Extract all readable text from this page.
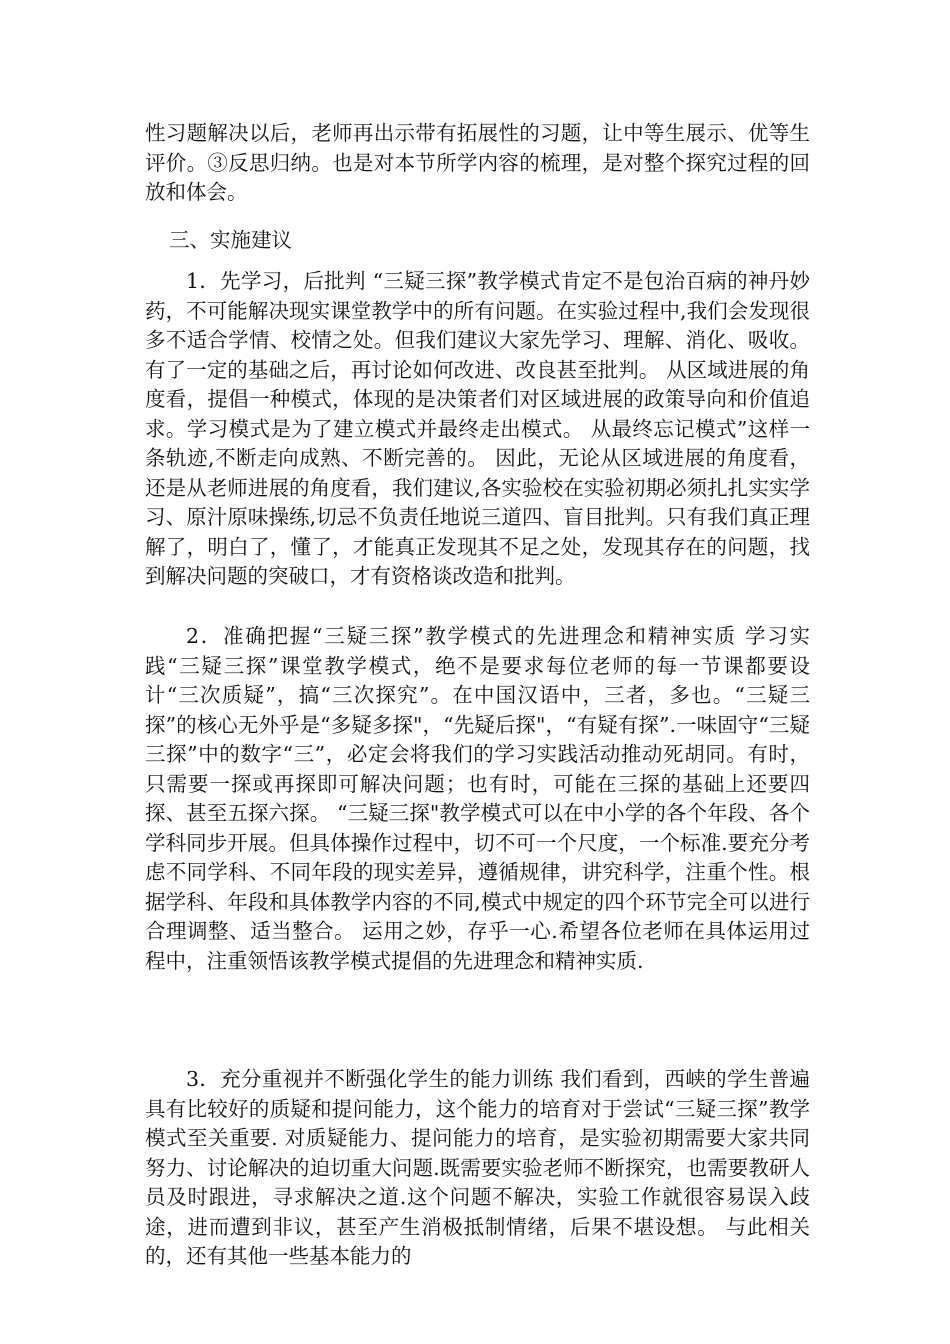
性习题解决以后，老师再出示带有拓展性的习题，让中等生展示、优等生评价。③反思归纳。也是对本节所学内容的梳理，是对整个探究过程的回放和体会。

三、实施建议

1．先学习，后批判 “三疑三探”教学模式肯定不是包治百病的神丹妙药，不可能解决现实课堂教学中的所有问题。在实验过程中,我们会发现很多不适合学情、校情之处。但我们建议大家先学习、理解、消化、吸收。有了一定的基础之后，再讨论如何改进、改良甚至批判。 从区域进展的角度看，提倡一种模式，体现的是决策者们对区域进展的政策导向和价值追求。学习模式是为了建立模式并最终走出模式。 从最终忘记模式”这样一条轨迹,不断走向成熟、不断完善的。 因此，无论从区域进展的角度看，还是从老师进展的角度看，我们建议,各实验校在实验初期必须扎扎实实学习、原汁原味操练,切忌不负责任地说三道四、盲目批判。只有我们真正理解了，明白了，懂了，才能真正发现其不足之处，发现其存在的问题，找到解决问题的突破口，才有资格谈改造和批判。

2．准确把握“三疑三探”教学模式的先进理念和精神实质 学习实践“三疑三探”课堂教学模式，绝不是要求每位老师的每一节课都要设计“三次质疑”，搞“三次探究”。在中国汉语中，三者，多也。“三疑三探”的核心无外乎是“多疑多探"，“先疑后探"，“有疑有探”.一味固守“三疑三探”中的数字“三”，必定会将我们的学习实践活动推动死胡同。有时，只需要一探或再探即可解决问题；也有时，可能在三探的基础上还要四探、甚至五探六探。 “三疑三探"教学模式可以在中小学的各个年段、各个学科同步开展。但具体操作过程中，切不可一个尺度，一个标准.要充分考虑不同学科、不同年段的现实差异，遵循规律，讲究科学，注重个性。根据学科、年段和具体教学内容的不同,模式中规定的四个环节完全可以进行合理调整、适当整合。 运用之妙，存乎一心.希望各位老师在具体运用过程中，注重领悟该教学模式提倡的先进理念和精神实质.

3．充分重视并不断强化学生的能力训练 我们看到，西峡的学生普遍具有比较好的质疑和提问能力，这个能力的培育对于尝试“三疑三探”教学模式至关重要. 对质疑能力、提问能力的培育，是实验初期需要大家共同努力、讨论解决的迫切重大问题.既需要实验老师不断探究，也需要教研人员及时跟进，寻求解决之道.这个问题不解决，实验工作就很容易误入歧途，进而遭到非议，甚至产生消极抵制情绪，后果不堪设想。 与此相关的，还有其他一些基本能力的
